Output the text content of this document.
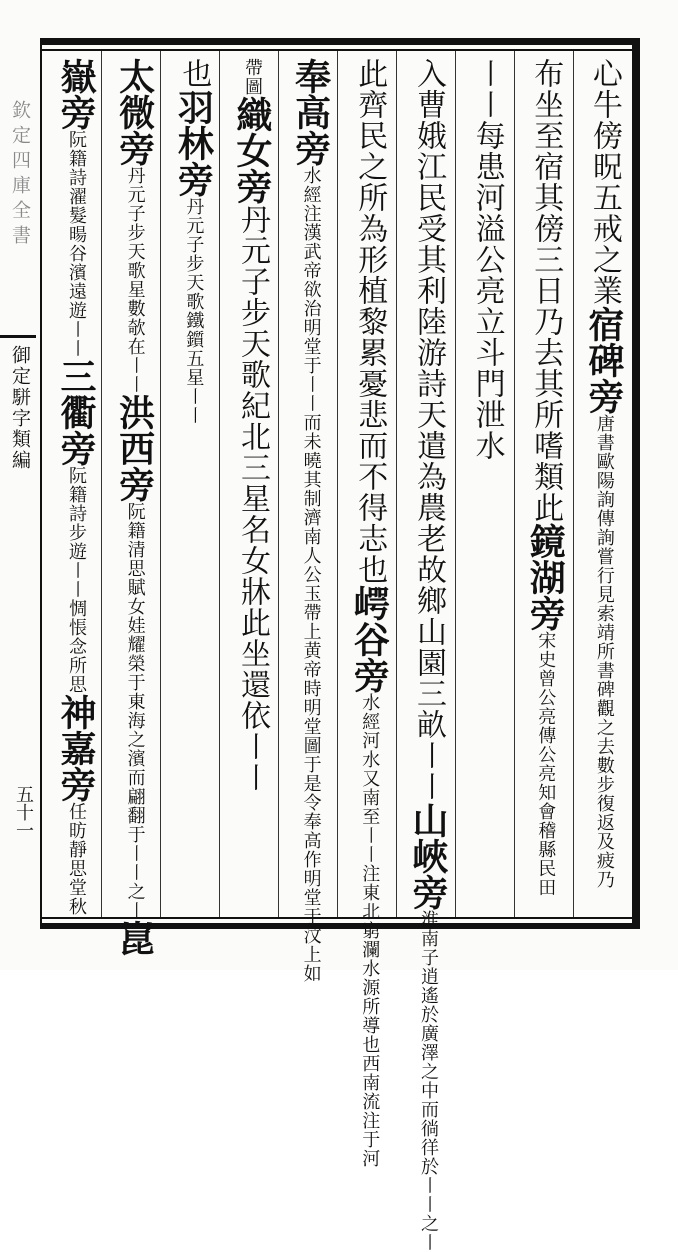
欽定四庫全書
御定駢字類編
五十一
心牛傍㫛五戒之業宿碑旁唐書歐陽詢傳詢嘗行見索靖所書碑觀之去數步復返及疲乃
布坐至宿其傍三日乃去其所嗜類此鏡湖旁宋史曾公亮傳公亮知會稽縣民田
〡〡每患河溢公亮立斗門泄水
入曹娥江民受其利陸游詩天遣為農老故鄉山園三畝〡〡山峽旁淮南子逍遙於廣澤之中而徜徉於〡〡之〡
此齊民之所為形植黎累憂悲而不得志也崿谷旁水經河水又南至〡〡注東北窮瀾水源所導也西南流注于河
奉高旁水經注漢武帝欲治明堂于〡〡而未曉其制濟南人公玉帶上黄帝時明堂圖于是令奉高作明堂于汶上如
帶圖織女旁丹元子步天歌紀北三星名女牀此坐還依〡〡
也羽林旁丹元子步天歌鐵鑕五星〡〡
太微旁丹元子步天歌星數欹在〡〡洪西旁阮籍清思賦女娃耀榮于東海之濱而翩翻于〡〡之〡崑
嶽旁阮籍詩濯髮暘谷濱遠遊〡〡三衢旁阮籍詩步遊〡〡惆悵念所思神嘉旁任昉靜思堂秋
